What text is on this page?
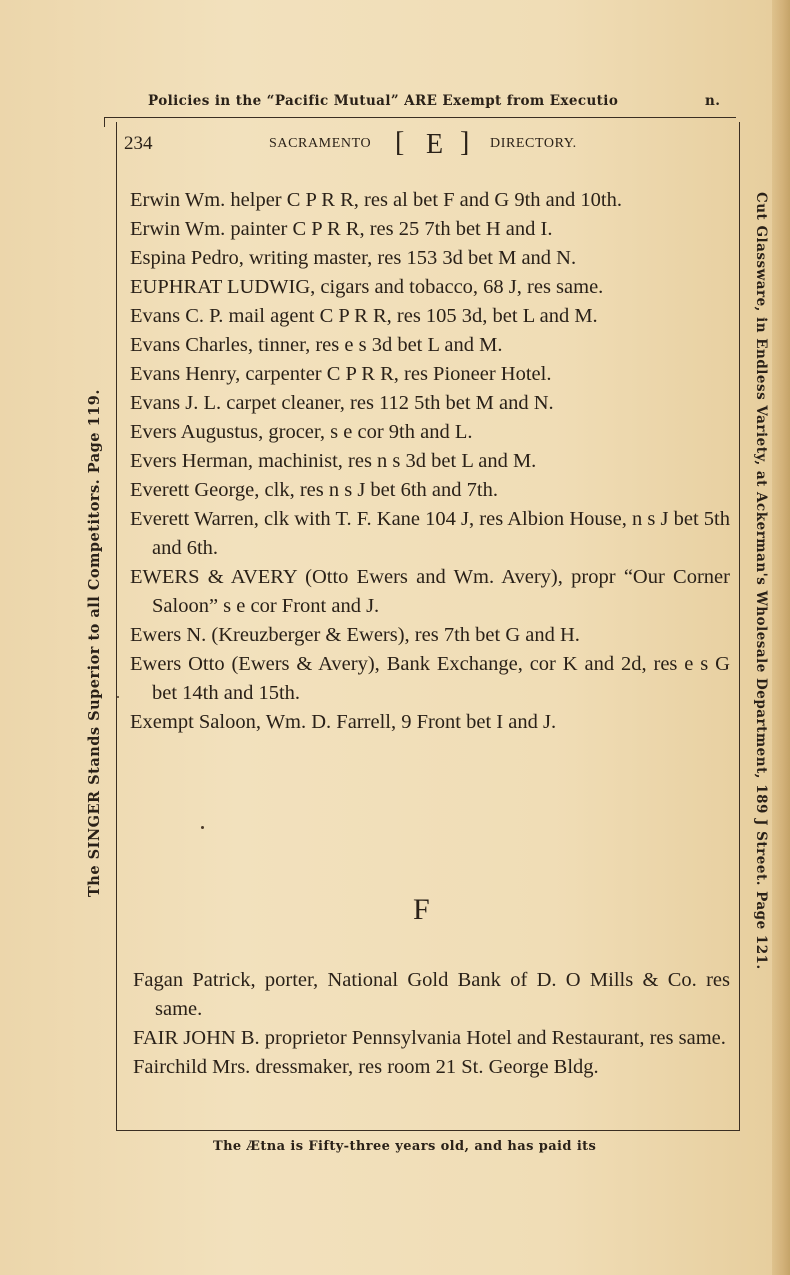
Policies in the “Pacific Mutual” ARE Exempt from Executio	n.
234	SACRAMENTO [ E ] DIRECTORY.

Erwin Wm. helper C P R R, res al bet F and G 9th and 10th.

Erwin Wm. painter C P R R, res 25 7th bet H and I.

Espina Pedro, writing master, res 153 3d bet M and N.

EUPHRAT LUDWIG, cigars and tobacco, 68 J, res same.

Evans C. P. mail agent C P R R, res 105 3d, bet L and M.

Evans Charles, tinner, res e s 3d bet L and M.

Evans Henry, carpenter C P R R, res Pioneer Hotel.

Evans J. L. carpet cleaner, res 112 5th bet M and N.

Evers Augustus, grocer, s e cor 9th and L.

Evers Herman, machinist, res n s 3d bet L and M.

Everett George, clk, res n s J bet 6th and 7th.

Everett Warren, clk with T. F. Kane 104 J, res Albion House, n s J bet 5th and 6th.

EWERS & AVERY (Otto Ewers and Wm. Avery), propr “Our Corner Saloon” s e cor Front and J.

Ewers N. (Kreuzberger & Ewers), res 7th bet G and H.

Ewers Otto (Ewers & Avery), Bank Exchange, cor K and 2d, res e s G bet 14th and 15th.

Exempt Saloon, Wm. D. Farrell, 9 Front bet I and J.

F

Fagan Patrick, porter, National Gold Bank of D. O Mills & Co. res same.

FAIR JOHN B. proprietor Pennsylvania Hotel and Restaurant, res same.

Fairchild Mrs. dressmaker, res room 21 St. George Bldg.

The SINGER Stands Superior to all Competitors. Page 119.	Cut Glassware, in Endless Variety, at Ackerman's Wholesale Department, 189 J Street. Page 121.
The Ætna is Fifty-three years old, and has paid its
